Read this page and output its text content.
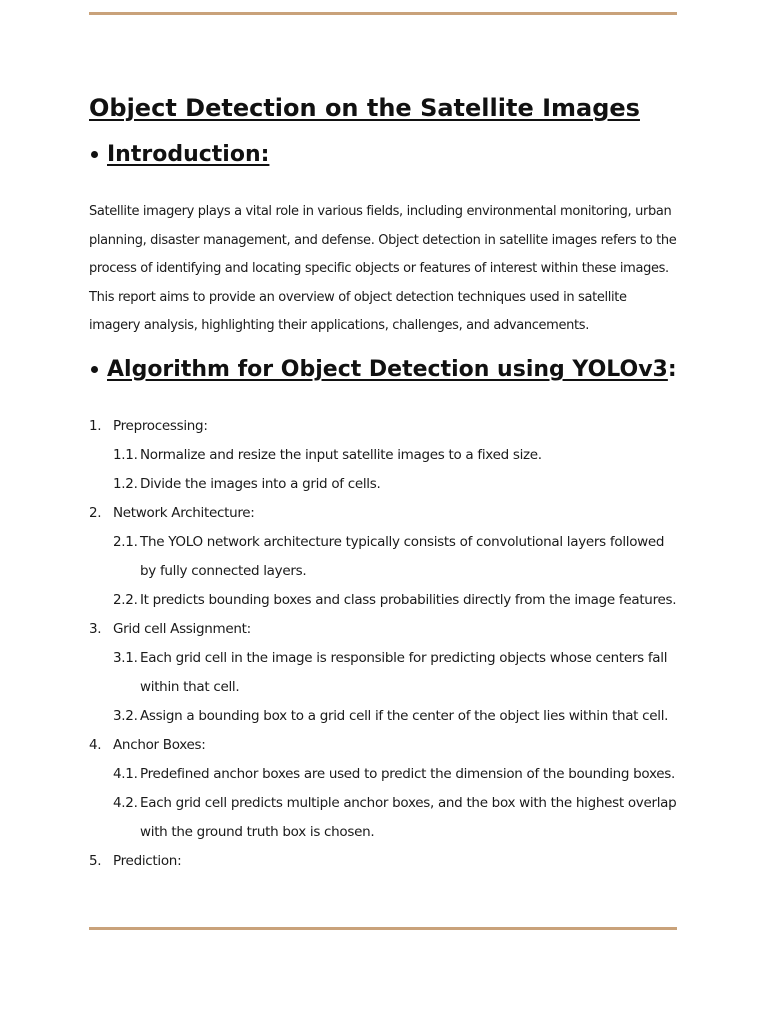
Object Detection on the Satellite Images
Introduction:

Satellite imagery plays a vital role in various fields, including environmental monitoring, urban planning, disaster management, and defense. Object detection in satellite images refers to the process of identifying and locating specific objects or features of interest within these images. This report aims to provide an overview of object detection techniques used in satellite imagery analysis, highlighting their applications, challenges, and advancements.

Algorithm for Object Detection using YOLOv3 :
1. Preprocessing:
1.1. Normalize and resize the input satellite images to a fixed size.
1.2. Divide the images into a grid of cells.
2. Network Architecture:
2.1. The YOLO network architecture typically consists of convolutional layers followed by fully connected layers.
2.2. It predicts bounding boxes and class probabilities directly from the image features.
3. Grid cell Assignment:
3.1. Each grid cell in the image is responsible for predicting objects whose centers fall within that cell.
3.2. Assign a bounding box to a grid cell if the center of the object lies within that cell.
4. Anchor Boxes:
4.1. Predefined anchor boxes are used to predict the dimension of the bounding boxes.
4.2. Each grid cell predicts multiple anchor boxes, and the box with the highest overlap with the ground truth box is chosen.
5. Prediction:
